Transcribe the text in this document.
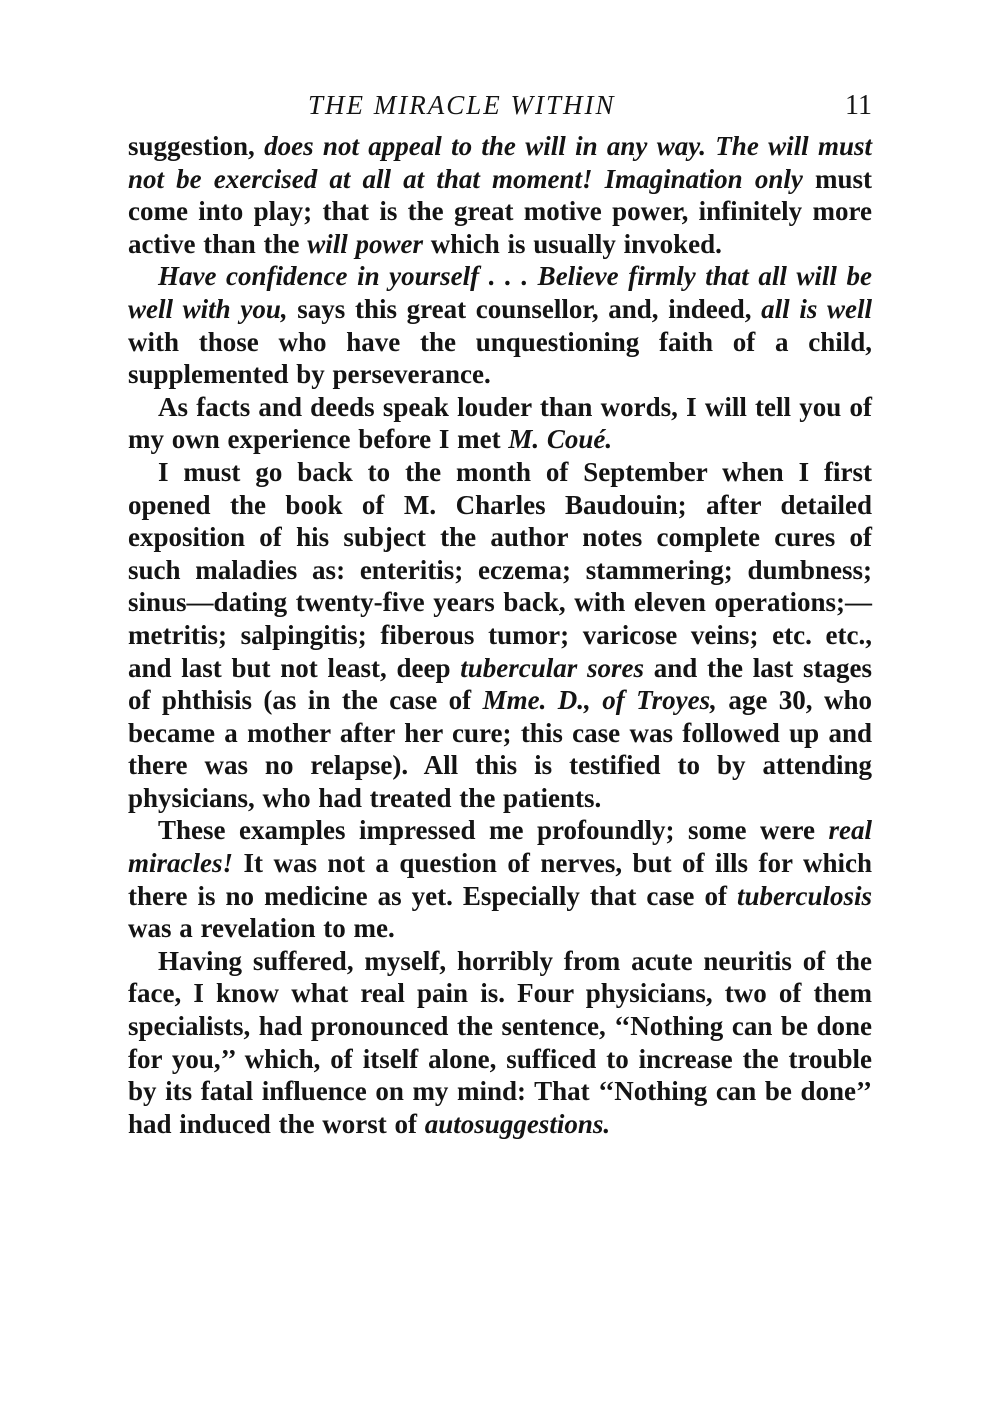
THE MIRACLE WITHIN	11

suggestion, does not appeal to the will in any way. The will must not be exercised at all at that moment! Imagination only must come into play; that is the great motive power, infinitely more active than the will power which is usually invoked.

Have confidence in yourself . . . Believe firmly that all will be well with you, says this great counsellor, and, indeed, all is well with those who have the unquestioning faith of a child, supplemented by perseverance.

As facts and deeds speak louder than words, I will tell you of my own experience before I met M. Coué.

I must go back to the month of September when I first opened the book of M. Charles Baudouin; after detailed exposition of his subject the author notes complete cures of such maladies as: enteritis; eczema; stammering; dumbness; sinus—dating twenty-five years back, with eleven operations;—metritis; salpingitis; fiberous tumor; varicose veins; etc. etc., and last but not least, deep tubercular sores and the last stages of phthisis (as in the case of Mme. D., of Troyes, age 30, who became a mother after her cure; this case was followed up and there was no relapse). All this is testified to by attending physicians, who had treated the patients.

These examples impressed me profoundly; some were real miracles! It was not a question of nerves, but of ills for which there is no medicine as yet. Especially that case of tuberculosis was a revelation to me.

Having suffered, myself, horribly from acute neuritis of the face, I know what real pain is. Four physicians, two of them specialists, had pronounced the sentence, ‘‘Nothing can be done for you,’’ which, of itself alone, sufficed to increase the trouble by its fatal influence on my mind: That ‘‘Nothing can be done’’ had induced the worst of autosuggestions.
